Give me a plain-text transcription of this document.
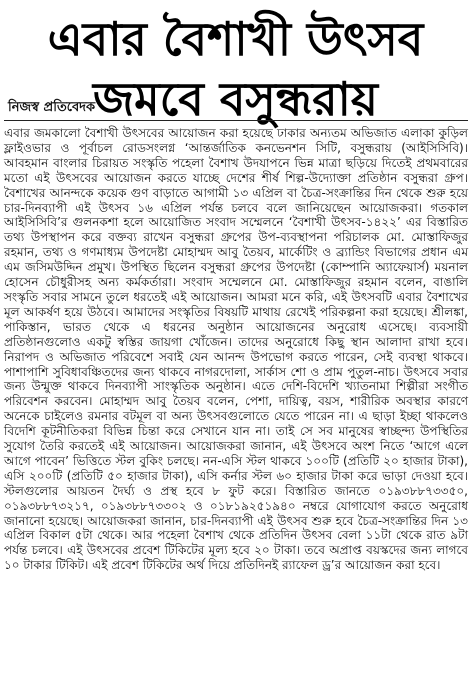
এবার বৈশাখী উৎসব
জমবে বসুন্ধরায়
নিজস্ব প্রতিবেদক

এবার জমকালো বৈশাখী উৎসবের আয়োজন করা হয়েছে ঢাকার অন্যতম অভিজাত এলাকা কুড়িল ফ্লাইওভার ও পূর্বাচল রোডসংলগ্ন ‘আন্তর্জাতিক কনভেনশন সিটি, বসুন্ধরায় (আইসিসিবি)। আবহমান বাংলার চিরায়ত সংস্কৃতি পহেলা বৈশাখ উদযাপনে ভিন্ন মাত্রা ছড়িয়ে দিতেই প্রথমবারের মতো এই উৎসবের আয়োজন করতে যাচ্ছে দেশের শীর্ষ শিল্প-উদ্যোক্তা প্রতিষ্ঠান বসুন্ধরা গ্রুপ। বৈশাখের আনন্দকে কয়েক গুণ বাড়াতে আগামী ১৩ এপ্রিল বা চৈত্র-সংক্রান্তির দিন থেকে শুরু হয়ে চার-দিনব্যাপী এই উৎসব ১৬ এপ্রিল পর্যন্ত চলবে বলে জানিয়েছেন আয়োজকরা। গতকাল আইসিসিবি’র গুলনকশা হলে আয়োজিত সংবাদ সম্মেলনে ‘বৈশাখী উৎসব-১৪২২’ এর বিস্তারিত তথ্য উপস্থাপন করে বক্তব্য রাখেন বসুন্ধরা গ্রুপের উপ-ব্যবস্থাপনা পরিচালক মো. মোস্তাফিজুর রহমান, তথ্য ও গণমাধ্যম উপদেষ্টা মোহাম্মদ আবু তৈয়ব, মার্কেটিং ও ব্র্যান্ডিং বিভাগের প্রধান এম এম জসিমউদ্দিন প্রমুখ। উপস্থিত ছিলেন বসুন্ধরা গ্রুপের উপদেষ্টা (কোম্পানি অ্যাফেয়ার্স) ময়নাল হোসেন চৌধুরীসহ অন্য কর্মকর্তারা। সংবাদ সম্মেলনে মো. মোস্তাফিজুর রহমান বলেন, বাঙালি সংস্কৃতি সবার সামনে তুলে ধরতেই এই আয়োজন। আমরা মনে করি, এই উৎসবটি এবার বৈশাখের মূল আকর্ষণ হয়ে উঠবে। আমাদের সংস্কৃতির বিষয়টি মাথায় রেখেই পরিকল্পনা করা হয়েছে। শ্রীলঙ্কা, পাকিস্তান, ভারত থেকে এ ধরনের অনুষ্ঠান আয়োজনের অনুরোধ এসেছে। ব্যবসায়ী প্রতিষ্ঠানগুলোও একটু স্বস্তির জায়গা খোঁজেন। তাদের অনুরোধে কিছু স্থান আলাদা রাখা হবে। নিরাপদ ও অভিজাত পরিবেশে সবাই যেন আনন্দ উপভোগ করতে পারেন, সেই ব্যবস্থা থাকবে। পাশাপাশি সুবিধাবঞ্চিতদের জন্য থাকবে নাগরদোলা, সার্কাস শো ও প্রাম পুতুল-নাচ। উৎসবে সবার জন্য উন্মুক্ত থাকবে দিনব্যাপী সাংস্কৃতিক অনুষ্ঠান। এতে দেশি-বিদেশি খ্যাতনামা শিল্পীরা সংগীত পরিবেশন করবেন। মোহাম্মদ আবু তৈয়ব বলেন, পেশা, দায়িত্ব, বয়স, শারীরিক অবস্থার কারণে অনেকে চাইলেও রমনার বটমূল বা অন্য উৎসবগুলোতে যেতে পারেন না। এ ছাড়া ইচ্ছা থাকলেও বিদেশি কূটনীতিকরা বিভিন্ন চিন্তা করে সেখানে যান না। তাই সে সব মানুষের স্বাচ্ছন্দ্য উপস্থিতির সুযোগ তৈরি করতেই এই আয়োজন। আয়োজকরা জানান, এই উৎসবে অংশ নিতে ‘আগে এলে আগে পাবেন’ ভিত্তিতে স্টল বুকিং চলছে। নন-এসি স্টল থাকবে ১০০টি (প্রতিটি ২০ হাজার টাকা), এসি ২০০টি (প্রতিটি ৫০ হাজার টাকা), এসি কর্নার স্টল ৬০ হাজার টাকা করে ভাড়া দেওয়া হবে। স্টলগুলোর আয়তন দৈর্ঘ্য ও প্রস্থ হবে ৮ ফুট করে। বিস্তারিত জানতে ০১৯৩৮৮৭৩৩৫০, ০১৯৩৮৮৭৩২১৭, ০১৯৩৮৮৭৩৩০২ ও ০১৮১৯২৫১৯৪০ নম্বরে যোগাযোগ করতে অনুরোধ জানানো হয়েছে। আয়োজকরা জানান, চার-দিনব্যাপী এই উৎসব শুরু হবে চৈত্র-সংক্রান্তির দিন ১৩ এপ্রিল বিকাল ৫টা থেকে। আর পহেলা বৈশাখ থেকে প্রতিদিন উৎসব বেলা ১১টা থেকে রাত ৯টা পর্যন্ত চলবে। এই উৎসবের প্রবেশ টিকিটের মূল্য হবে ২০ টাকা। তবে অপ্রাপ্ত বয়স্কদের জন্য লাগবে ১০ টাকার টিকিট। এই প্রবেশ টিকিটের অর্থ দিয়ে প্রতিদিনই র‍্যাফেল ড্র’র আয়োজন করা হবে।
